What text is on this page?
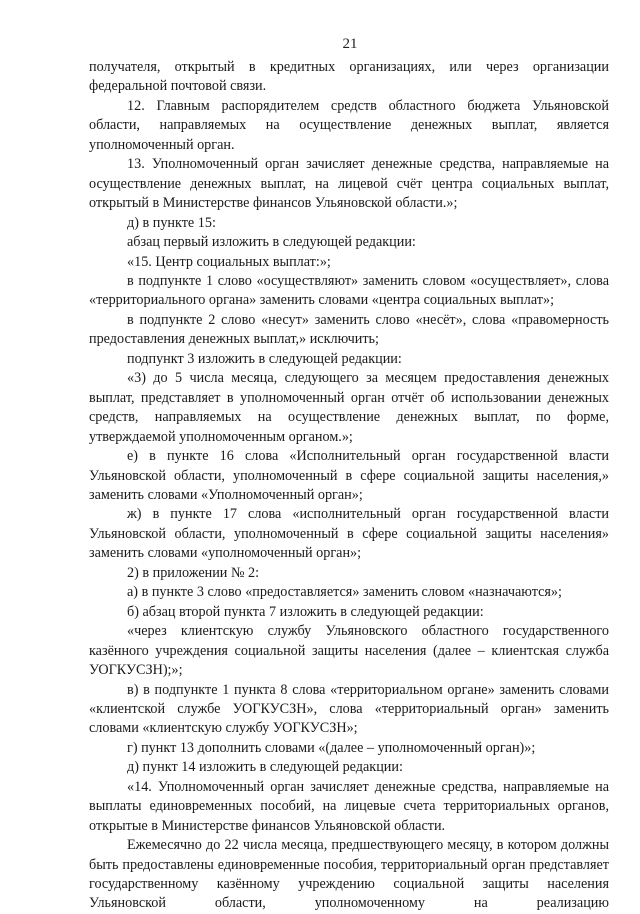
21

получателя, открытый в кредитных организациях, или через организации федеральной почтовой связи.

12. Главным распорядителем средств областного бюджета Ульяновской области, направляемых на осуществление денежных выплат, является уполномоченный орган.

13. Уполномоченный орган зачисляет денежные средства, направляемые на осуществление денежных выплат, на лицевой счёт центра социальных выплат, открытый в Министерстве финансов Ульяновской области.»;

д) в пункте 15:

абзац первый изложить в следующей редакции:

«15. Центр социальных выплат:»;

в подпункте 1 слово «осуществляют» заменить словом «осуществляет», слова «территориального органа» заменить словами «центра социальных выплат»;

в подпункте 2 слово «несут» заменить слово «несёт», слова «правомерность предоставления денежных выплат,» исключить;

подпункт 3 изложить в следующей редакции:

«3) до 5 числа месяца, следующего за месяцем предоставления денежных выплат, представляет в уполномоченный орган отчёт об использовании денежных средств, направляемых на осуществление денежных выплат, по форме, утверждаемой уполномоченным органом.»;

е) в пункте 16 слова «Исполнительный орган государственной власти Ульяновской области, уполномоченный в сфере социальной защиты населения,» заменить словами «Уполномоченный орган»;

ж) в пункте 17 слова «исполнительный орган государственной власти Ульяновской области, уполномоченный в сфере социальной защиты населения» заменить словами «уполномоченный орган»;

2) в приложении № 2:

а) в пункте 3 слово «предоставляется» заменить словом «назначаются»;

б) абзац второй пункта 7 изложить в следующей редакции:

«через клиентскую службу Ульяновского областного государственного казённого учреждения социальной защиты населения (далее – клиентская служба УОГКУСЗН);»;

в) в подпункте 1 пункта 8 слова «территориальном органе» заменить словами «клиентской службе УОГКУСЗН», слова «территориальный орган» заменить словами «клиентскую службу УОГКУСЗН»;

г) пункт 13 дополнить словами «(далее – уполномоченный орган)»;

д) пункт 14 изложить в следующей редакции:

«14. Уполномоченный орган зачисляет денежные средства, направляемые на выплаты единовременных пособий, на лицевые счета территориальных органов, открытые в Министерстве финансов Ульяновской области.

Ежемесячно до 22 числа месяца, предшествующего месяцу, в котором должны быть предоставлены единовременные пособия, территориальный орган представляет государственному казённому учреждению социальной защиты населения Ульяновской области, уполномоченному на реализацию
